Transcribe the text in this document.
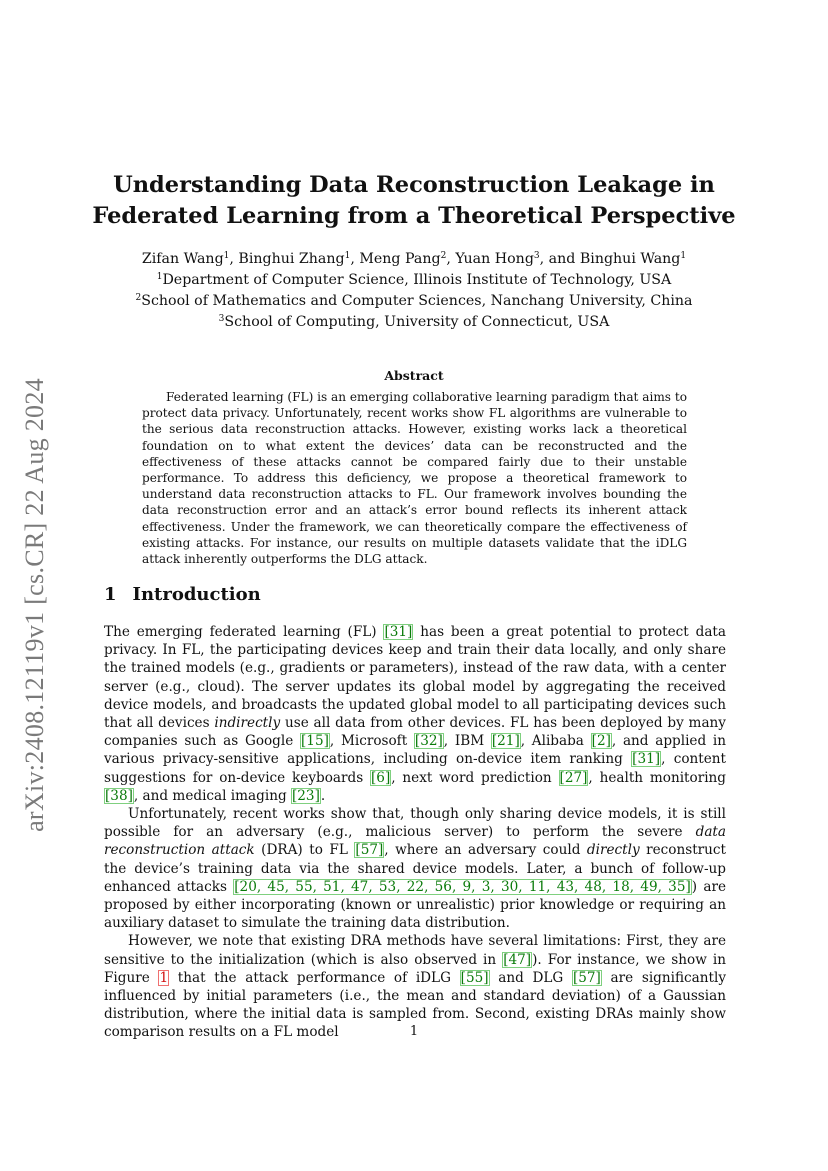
arXiv:2408.12119v1 [cs.CR] 22 Aug 2024
Understanding Data Reconstruction Leakage in
Federated Learning from a Theoretical Perspective
Zifan Wang$^1$, Binghui Zhang$^1$, Meng Pang$^2$, Yuan Hong$^3$, and Binghui Wang$^1$
$^1$Department of Computer Science, Illinois Institute of Technology, USA
$^2$School of Mathematics and Computer Sciences, Nanchang University, China
$^3$School of Computing, University of Connecticut, USA
Abstract

Federated learning (FL) is an emerging collaborative learning paradigm that aims to protect data privacy. Unfortunately, recent works show FL algorithms are vulnerable to the serious data reconstruction attacks. However, existing works lack a theoretical foundation on to what extent the devices’ data can be reconstructed and the effectiveness of these attacks cannot be compared fairly due to their unstable performance. To address this deficiency, we propose a theoretical framework to understand data reconstruction attacks to FL. Our framework involves bounding the data reconstruction error and an attack’s error bound reflects its inherent attack effectiveness. Under the framework, we can theoretically compare the effectiveness of existing attacks. For instance, our results on multiple datasets validate that the iDLG attack inherently outperforms the DLG attack.

1 Introduction

The emerging federated learning (FL) [31] has been a great potential to protect data privacy. In FL, the participating devices keep and train their data locally, and only share the trained models (e.g., gradients or parameters), instead of the raw data, with a center server (e.g., cloud). The server updates its global model by aggregating the received device models, and broadcasts the updated global model to all participating devices such that all devices indirectly use all data from other devices. FL has been deployed by many companies such as Google [15], Microsoft [32], IBM [21], Alibaba [2], and applied in various privacy-sensitive applications, including on-device item ranking [31], content suggestions for on-device keyboards [6], next word prediction [27], health monitoring [38], and medical imaging [23].

Unfortunately, recent works show that, though only sharing device models, it is still possible for an adversary (e.g., malicious server) to perform the severe data reconstruction attack (DRA) to FL [57], where an adversary could directly reconstruct the device’s training data via the shared device models. Later, a bunch of follow-up enhanced attacks [20, 45, 55, 51, 47, 53, 22, 56, 9, 3, 30, 11, 43, 48, 18, 49, 35]) are proposed by either incorporating (known or unrealistic) prior knowledge or requiring an auxiliary dataset to simulate the training data distribution.

However, we note that existing DRA methods have several limitations: First, they are sensitive to the initialization (which is also observed in [47]). For instance, we show in Figure 1 that the attack performance of iDLG [55] and DLG [57] are significantly influenced by initial parameters (i.e., the mean and standard deviation) of a Gaussian distribution, where the initial data is sampled from. Second, existing DRAs mainly show comparison results on a FL model	1
